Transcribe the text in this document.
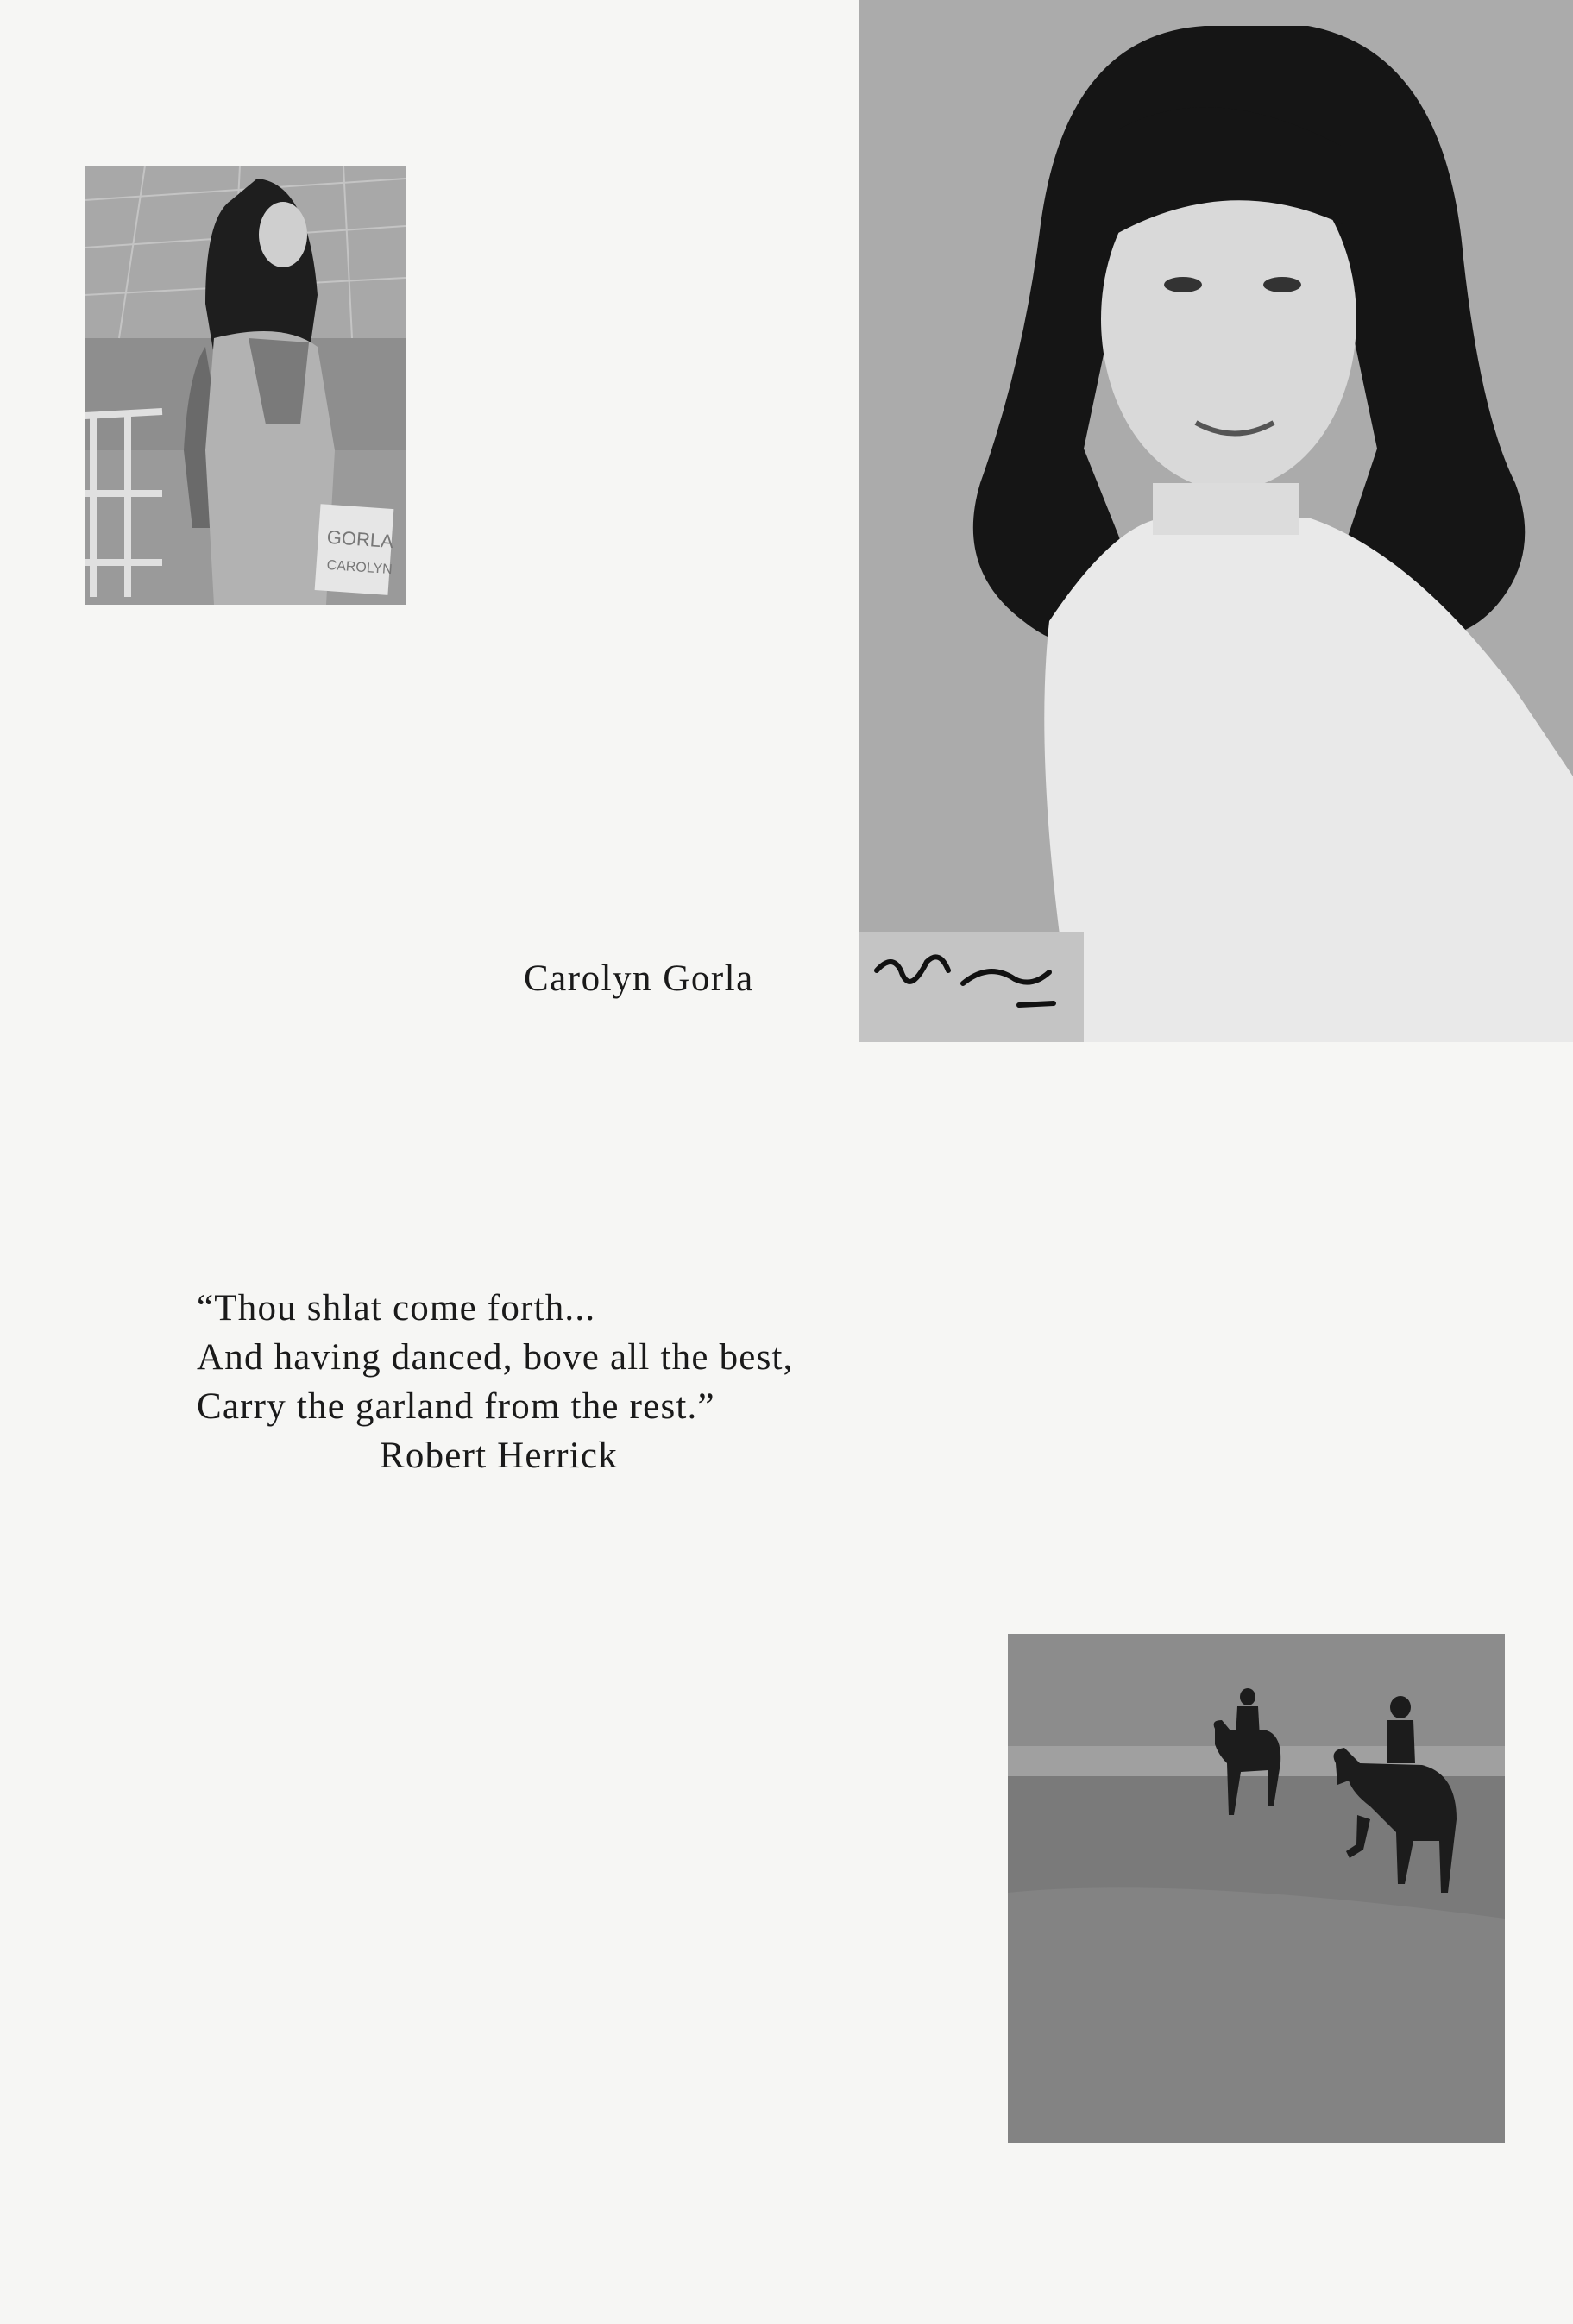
GORLA
CAROLYN
Carolyn Gorla
“Thou shlat come forth...
And having danced, bove all the best,
Carry the garland from the rest.”
Robert Herrick
